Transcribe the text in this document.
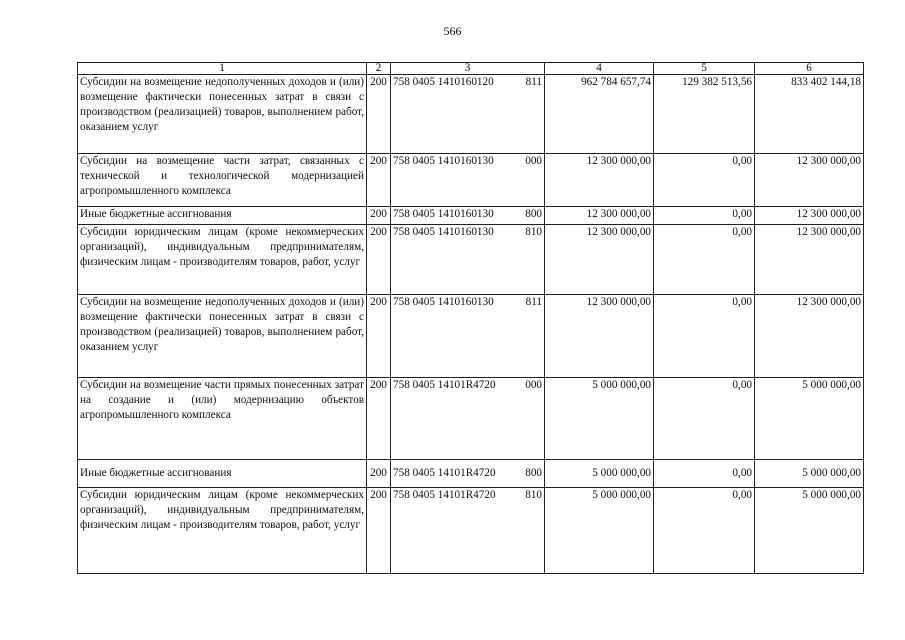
566
1	2	3	4	5	6
Субсидии на возмещение недополученных доходов и (или) возмещение фактически понесенных затрат в связи с производством (реализацией) товаров, выполнением работ, оказанием услуг	200	758 0405 1410160120 811	962 784 657,74	129 382 513,56	833 402 144,18
Субсидии на возмещение части затрат, связанных с технической и технологической модернизацией агропромышленного комплекса	200	758 0405 1410160130 000	12 300 000,00	0,00	12 300 000,00
Иные бюджетные ассигнования	200	758 0405 1410160130 800	12 300 000,00	0,00	12 300 000,00
Субсидии юридическим лицам (кроме некоммерческих организаций), индивидуальным предпринимателям, физическим лицам - производителям товаров, работ, услуг	200	758 0405 1410160130 810	12 300 000,00	0,00	12 300 000,00
Субсидии на возмещение недополученных доходов и (или) возмещение фактически понесенных затрат в связи с производством (реализацией) товаров, выполнением работ, оказанием услуг	200	758 0405 1410160130 811	12 300 000,00	0,00	12 300 000,00
Субсидии на возмещение части прямых понесенных затрат на создание и (или) модернизацию объектов агропромышленного комплекса	200	758 0405 14101R4720 000	5 000 000,00	0,00	5 000 000,00
Иные бюджетные ассигнования	200	758 0405 14101R4720 800	5 000 000,00	0,00	5 000 000,00
Субсидии юридическим лицам (кроме некоммерческих организаций), индивидуальным предпринимателям, физическим лицам - производителям товаров, работ, услуг	200	758 0405 14101R4720 810	5 000 000,00	0,00	5 000 000,00
